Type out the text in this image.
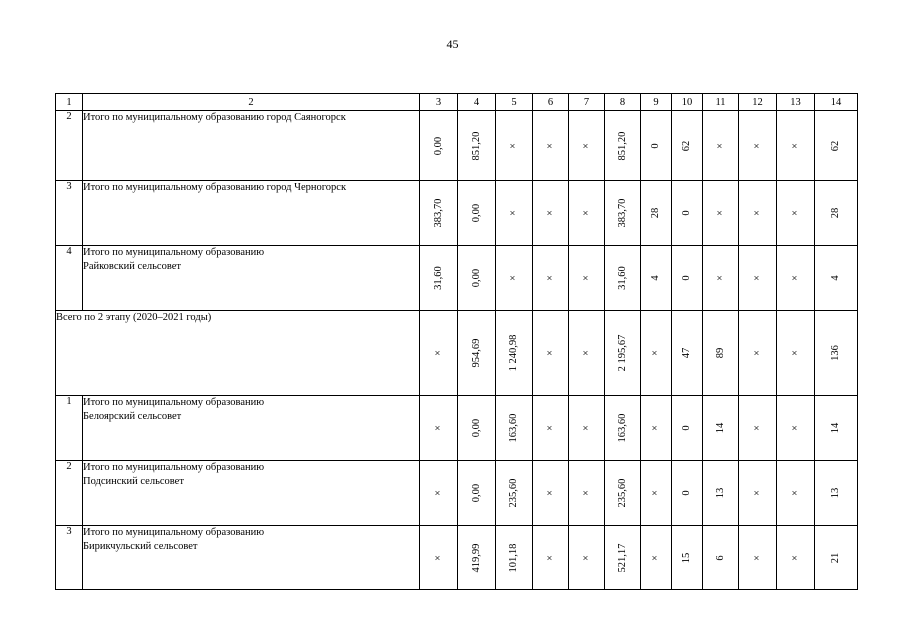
45
1	2	3	4	5	6	7	8	9	10	11	12	13	14
2	Итого по муниципальному образованию город Саяногорск	0,00	851,20	×	×	×	851,20	0	62	×	×	×	62

3	Итого по муниципальному образованию город Черногорск	383,70	0,00	×	×	×	383,70	28	0	×	×	×	28

4	Итого по муниципальному образованию
Райковский сельсовет	31,60	0,00	×	×	×	31,60	4	0	×	×	×	4

Всего по 2 этапу (2020–2021 годы)		×	954,69	1 240,98	×	×	2 195,67	×	47	89	×	×	136

1	Итого по муниципальному образованию
Белоярский сельсовет	×	0,00	163,60	×	×	163,60	×	0	14	×	×	14

2	Итого по муниципальному образованию
Подсинский сельсовет	×	0,00	235,60	×	×	235,60	×	0	13	×	×	13

3	Итого по муниципальному образованию
Бирикчульский сельсовет	×	419,99	101,18	×	×	521,17	×	15	6	×	×	21
